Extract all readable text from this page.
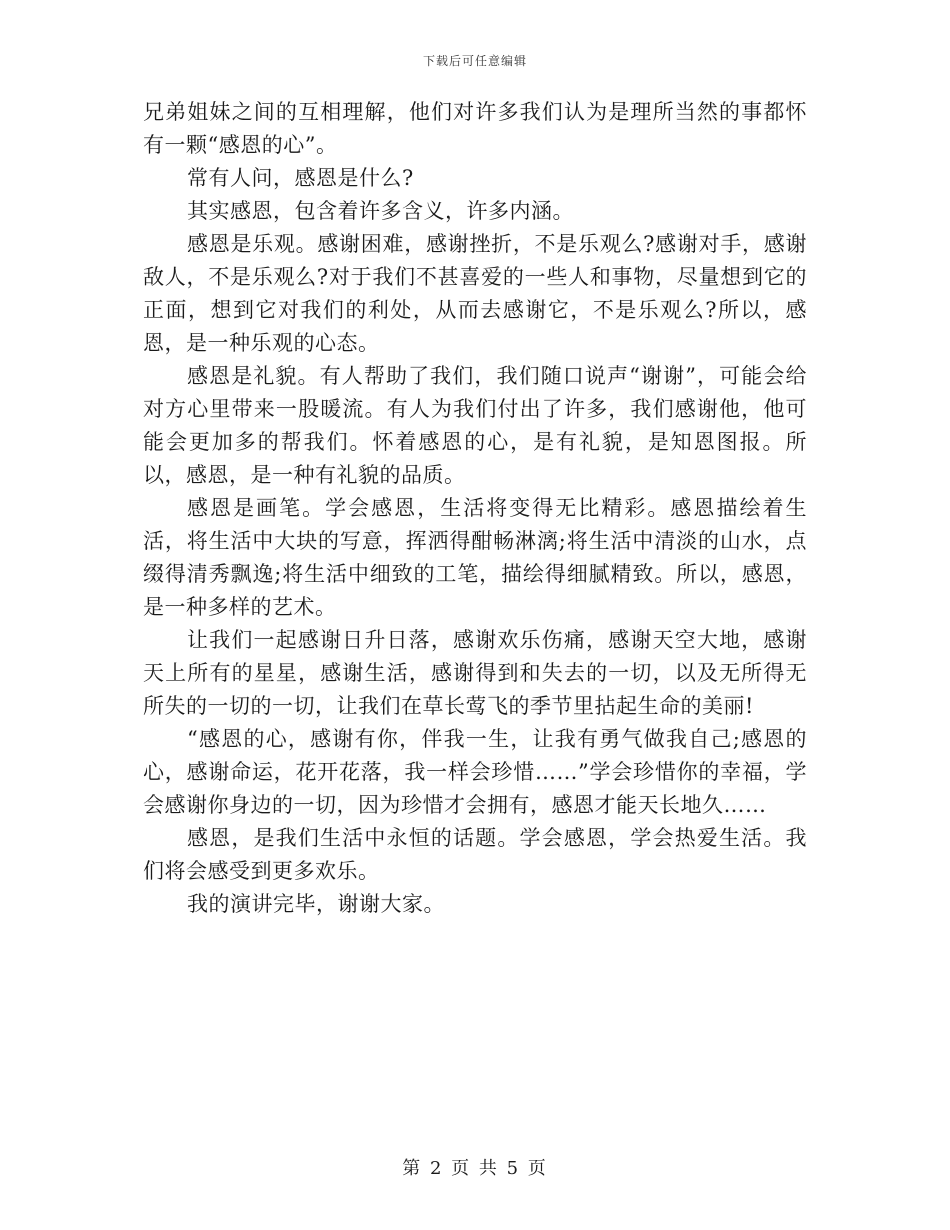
下载后可任意编辑

兄弟姐妹之间的互相理解，他们对许多我们认为是理所当然的事都怀有一颗“感恩的心”。

常有人问，感恩是什么?

其实感恩，包含着许多含义，许多内涵。

感恩是乐观。感谢困难，感谢挫折，不是乐观么?感谢对手，感谢敌人，不是乐观么?对于我们不甚喜爱的一些人和事物，尽量想到它的正面，想到它对我们的利处，从而去感谢它，不是乐观么?所以，感恩，是一种乐观的心态。

感恩是礼貌。有人帮助了我们，我们随口说声“谢谢”，可能会给对方心里带来一股暖流。有人为我们付出了许多，我们感谢他，他可能会更加多的帮我们。怀着感恩的心，是有礼貌，是知恩图报。所以，感恩，是一种有礼貌的品质。

感恩是画笔。学会感恩，生活将变得无比精彩。感恩描绘着生活，将生活中大块的写意，挥洒得酣畅淋漓;将生活中清淡的山水，点缀得清秀飘逸;将生活中细致的工笔，描绘得细腻精致。所以，感恩，是一种多样的艺术。

让我们一起感谢日升日落，感谢欢乐伤痛，感谢天空大地，感谢天上所有的星星，感谢生活，感谢得到和失去的一切，以及无所得无所失的一切的一切，让我们在草长莺飞的季节里拈起生命的美丽!

“感恩的心，感谢有你，伴我一生，让我有勇气做我自己;感恩的心，感谢命运，花开花落，我一样会珍惜……”学会珍惜你的幸福，学会感谢你身边的一切，因为珍惜才会拥有，感恩才能天长地久……

感恩，是我们生活中永恒的话题。学会感恩，学会热爱生活。我们将会感受到更多欢乐。

我的演讲完毕，谢谢大家。

第 2 页 共 5 页
